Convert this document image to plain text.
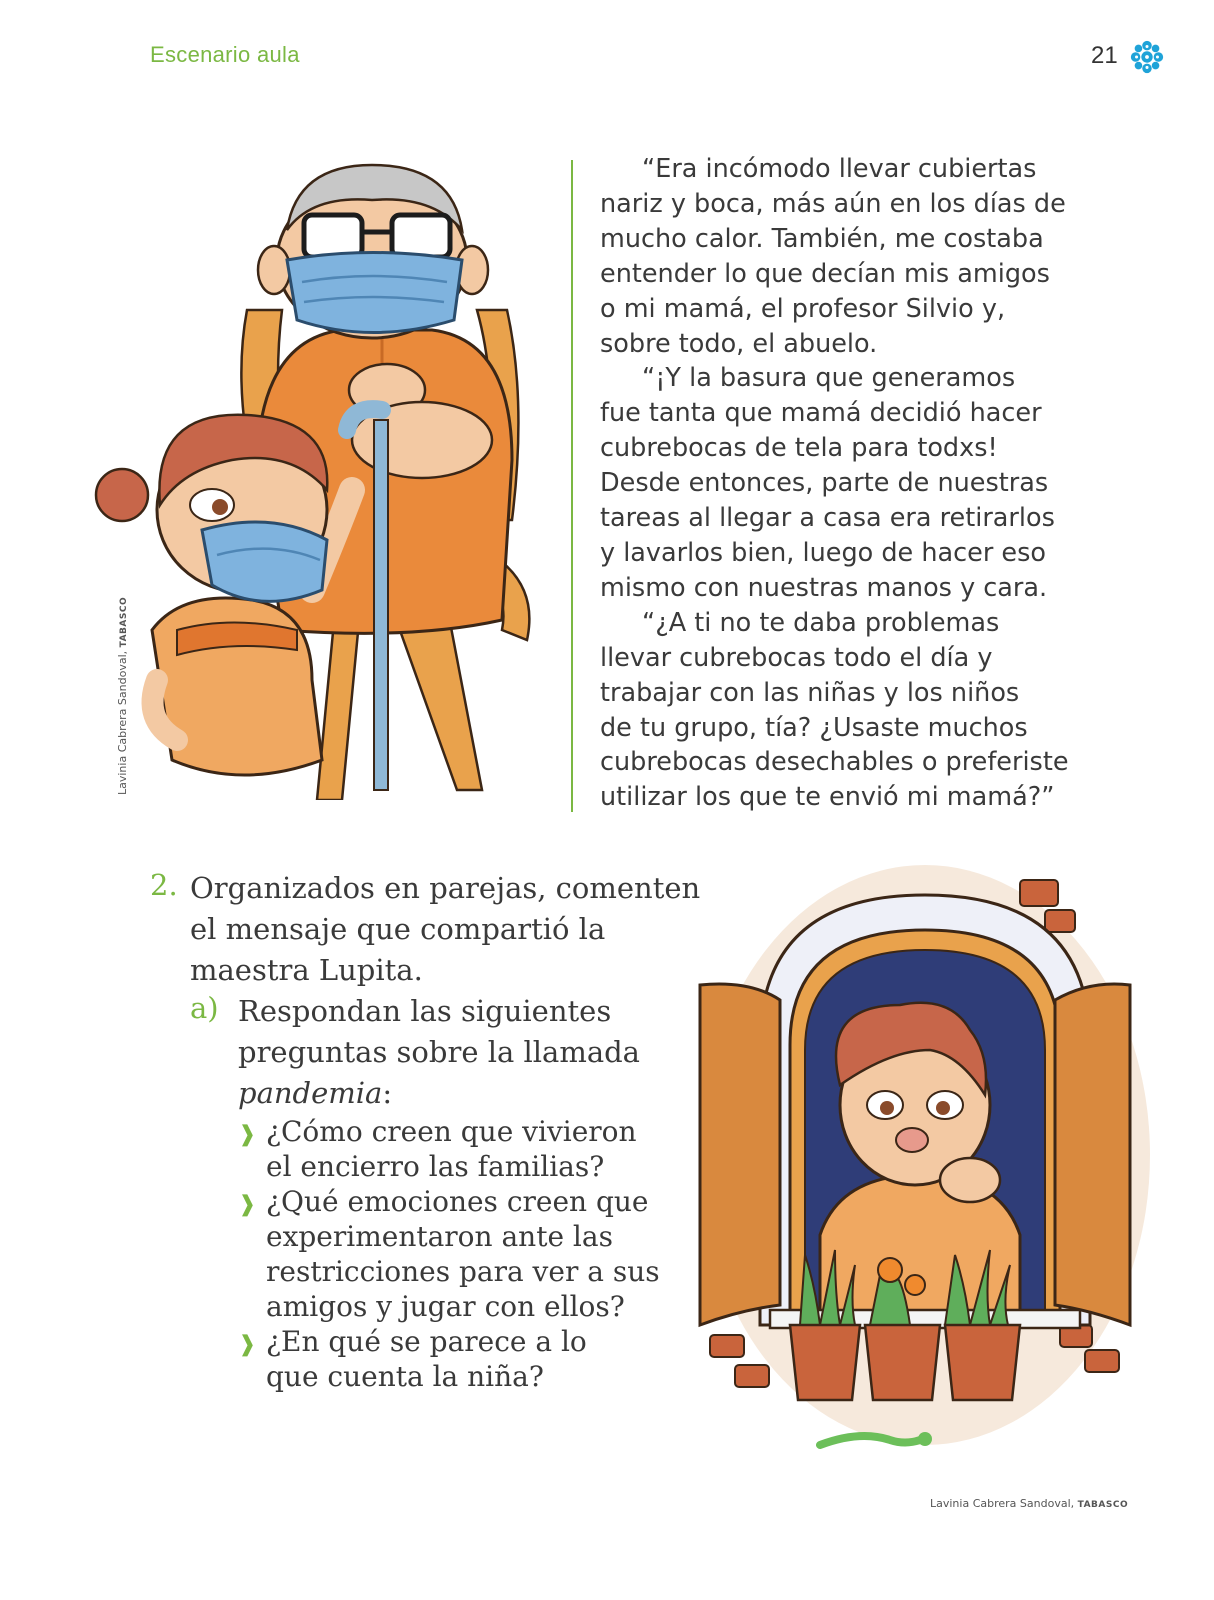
Escenario aula	21
Lavinia Cabrera Sandoval, TABASCO

“Era incómodo llevar cubiertas
nariz y boca, más aún en los días de
mucho calor. También, me costaba
entender lo que decían mis amigos
o mi mamá, el profesor Silvio y,
sobre todo, el abuelo.

“¡Y la basura que generamos
fue tanta que mamá decidió hacer
cubrebocas de tela para todxs!
Desde entonces, parte de nuestras
tareas al llegar a casa era retirarlos
y lavarlos bien, luego de hacer eso
mismo con nuestras manos y cara.

“¿A ti no te daba problemas
llevar cubrebocas todo el día y
trabajar con las niñas y los niños
de tu grupo, tía? ¿Usaste muchos
cubrebocas desechables o preferiste
utilizar los que te envió mi mamá?”

2. Organizados en parejas, comenten
el mensaje que compartió la
maestra Lupita.
a) Respondan las siguientes preguntas sobre la llamada pandemia:
❱ ¿Cómo creen que vivieron
el encierro las familias?
❱ ¿Qué emociones creen que
experimentaron ante las
restricciones para ver a sus
amigos y jugar con ellos?
❱ ¿En qué se parece a lo
que cuenta la niña?
Lavinia Cabrera Sandoval, TABASCO
